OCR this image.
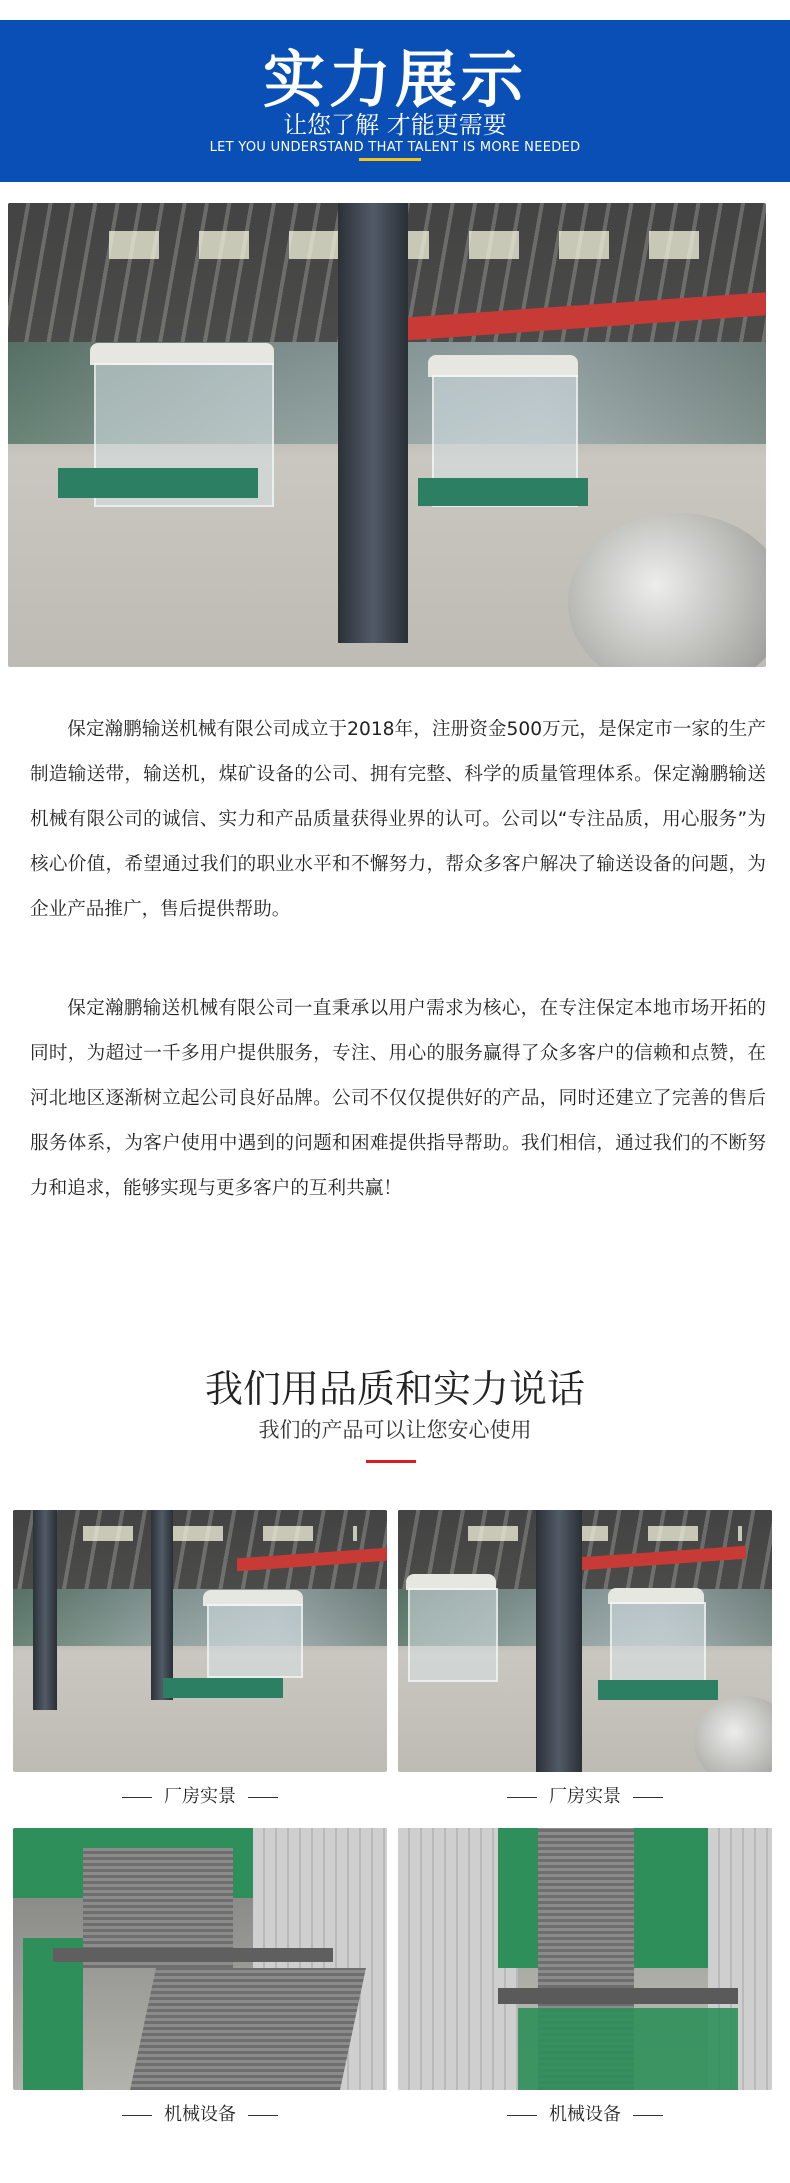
实力展示
让您了解 才能更需要
LET YOU UNDERSTAND THAT TALENT IS MORE NEEDED
保定瀚鹏输送机械有限公司成立于2018年，注册资金500万元，是保定市一家的生产制造输送带，输送机，煤矿设备的公司、拥有完整、科学的质量管理体系。保定瀚鹏输送机械有限公司的诚信、实力和产品质量获得业界的认可。公司以“专注品质，用心服务”为核心价值，希望通过我们的职业水平和不懈努力，帮众多客户解决了输送设备的问题，为企业产品推广，售后提供帮助。
保定瀚鹏输送机械有限公司一直秉承以用户需求为核心，在专注保定本地市场开拓的同时，为超过一千多用户提供服务，专注、用心的服务赢得了众多客户的信赖和点赞，在河北地区逐渐树立起公司良好品牌。公司不仅仅提供好的产品，同时还建立了完善的售后服务体系，为客户使用中遇到的问题和困难提供指导帮助。我们相信，通过我们的不断努力和追求，能够实现与更多客户的互利共赢！
我们用品质和实力说话
我们的产品可以让您安心使用
厂房实景	厂房实景
机械设备	机械设备
